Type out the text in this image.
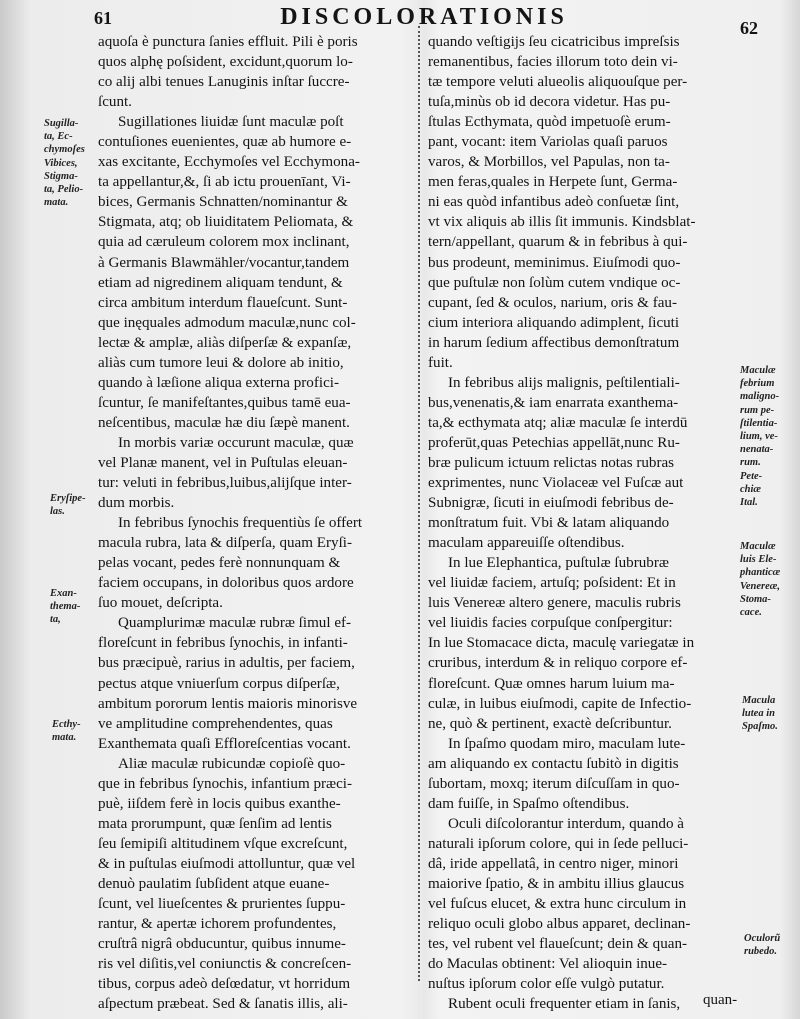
61	DISCOLORATIONIS	62
aquoſa è punctura ſanies effluit. Pili è poris
quos alphę poſsident, excidunt,quorum lo-
co alij albi tenues Lanuginis inſtar ſuccre-
ſcunt.
Sugillationes liuidæ ſunt maculæ poſt
contuſiones euenientes, quæ ab humore e-
xas excitante, Ecchymoſes vel Ecchymona-
ta appellantur,&, ſi ab ictu prouenīant, Vi-
bices, Germanis Schnatten/nominantur &
Stigmata, atq; ob liuiditatem Peliomata, &
quia ad cæruleum colorem mox inclinant,
à Germanis Blawmähler/vocantur,tandem
etiam ad nigredinem aliquam tendunt, &
circa ambitum interdum flaueſcunt. Sunt-
que inęquales admodum maculæ,nunc col-
lectæ & amplæ, aliàs diſperſæ & expanſæ,
aliàs cum tumore leui & dolore ab initio,
quando à læſione aliqua externa profici-
ſcuntur, ſe manifeſtantes,quibus tamē eua-
neſcentibus, maculæ hæ diu ſæpè manent.
In morbis variæ occurunt maculæ, quæ
vel Planæ manent, vel in Puſtulas eleuan-
tur: veluti in febribus,luibus,alijſque inter-
dum morbis.
In febribus ſynochis frequentiùs ſe offert
macula rubra, lata & diſperſa, quam Eryſi-
pelas vocant, pedes ferè nonnunquam &
faciem occupans, in doloribus quos ardore
ſuo mouet, deſcripta.
Quamplurimæ maculæ rubræ ſimul ef-
floreſcunt in febribus ſynochis, in infanti-
bus præcipuè, rarius in adultis, per faciem,
pectus atque vniuerſum corpus diſperſæ,
ambitum pororum lentis maioris minorisve
ve amplitudine comprehendentes, quas
Exanthemata quaſi Effloreſcentias vocant.
Aliæ maculæ rubicundæ copioſè quo-
que in febribus ſynochis, infantium præci-
puè, iiſdem ferè in locis quibus exanthe-
mata prorumpunt, quæ ſenſim ad lentis
ſeu ſemipiſi altitudinem vſque excreſcunt,
& in puſtulas eiuſmodi attolluntur, quæ vel
denuò paulatim ſubſident atque euane-
ſcunt, vel liueſcentes & prurientes ſuppu-
rantur, & apertæ ichorem profundentes,
cruſtrâ nigrâ obducuntur, quibus innume-
ris vel diſitis,vel coniunctis & concreſcen-
tibus, corpus adeò deſœdatur, vt horridum
aſpectum præbeat. Sed & ſanatis illis, ali-
quando veſtigijs ſeu cicatricibus impreſsis
remanentibus, facies illorum toto dein vi-
tæ tempore veluti alueolis aliquouſque per-
tuſa,minùs ob id decora videtur. Has pu-
ſtulas Ecthymata, quòd impetuoſè erum-
pant, vocant: item Variolas quaſi paruos
varos, & Morbillos, vel Papulas, non ta-
men feras,quales in Herpete ſunt, Germa-
ni eas quòd infantibus adeò conſuetæ ſint,
vt vix aliquis ab illis ſit immunis. Kindsblat-
tern/appellant, quarum & in febribus à qui-
bus prodeunt, meminimus. Eiuſmodi quo-
que puſtulæ non ſolùm cutem vndique oc-
cupant, ſed & oculos, narium, oris & fau-
cium interiora aliquando adimplent, ſicuti
in harum ſedium affectibus demonſtratum
fuit.
In febribus alijs malignis, peſtilentiali-
bus,venenatis,& iam enarrata exanthema-
ta,& ecthymata atq; aliæ maculæ ſe interdū
proferūt,quas Petechias appellāt,nunc Ru-
bræ pulicum ictuum relictas notas rubras
exprimentes, nunc Violaceæ vel Fuſcæ aut
Subnigræ, ſicuti in eiuſmodi febribus de-
monſtratum fuit. Vbi & latam aliquando
maculam appareuiſſe oſtendibus.
In lue Elephantica, puſtulæ ſubrubræ
vel liuidæ faciem, artuſq; poſsident: Et in
luis Venereæ altero genere, maculis rubris
vel liuidis facies corpuſque conſpergitur:
In lue Stomacace dicta, maculę variegatæ in
cruribus, interdum & in reliquo corpore ef-
floreſcunt. Quæ omnes harum luium ma-
culæ, in luibus eiuſmodi, capite de Infectio-
ne, quò & pertinent, exactè deſcribuntur.
In ſpaſmo quodam miro, maculam lute-
am aliquando ex contactu ſubitò in digitis
ſubortam, moxq; iterum diſcuſſam in quo-
dam fuiſſe, in Spaſmo oſtendibus.
Oculi diſcolorantur interdum, quando à
naturali ipſorum colore, qui in ſede pelluci-
dâ, iride appellatâ, in centro niger, minori
maiorive ſpatio, & in ambitu illius glaucus
vel fuſcus elucet, & extra hunc circulum in
reliquo oculi globo albus apparet, declinan-
tes, vel rubent vel flaueſcunt; dein & quan-
do Maculas obtinent: Vel alioquin inue-
nuſtus ipſorum color eſſe vulgò putatur.
Rubent oculi frequenter etiam in ſanis,
Sugilla-
ta, Ec-
chymoſes
Vibices,
Stigma-
ta, Pelio-
mata.
Eryſipe-
las.
Exan-
thema-
ta,
Ecthy-
mata.
Maculæ
febrium
maligno-
rum pe-
ſtilentia-
lium, ve-
nenata-
rum.
Pete-
chiæ
Ital.
Maculæ
luis Ele-
phanticæ
Venereæ,
Stoma-
cace.
Macula
lutea in
Spaſmo.
Oculorũ
rubedo.
quan-
